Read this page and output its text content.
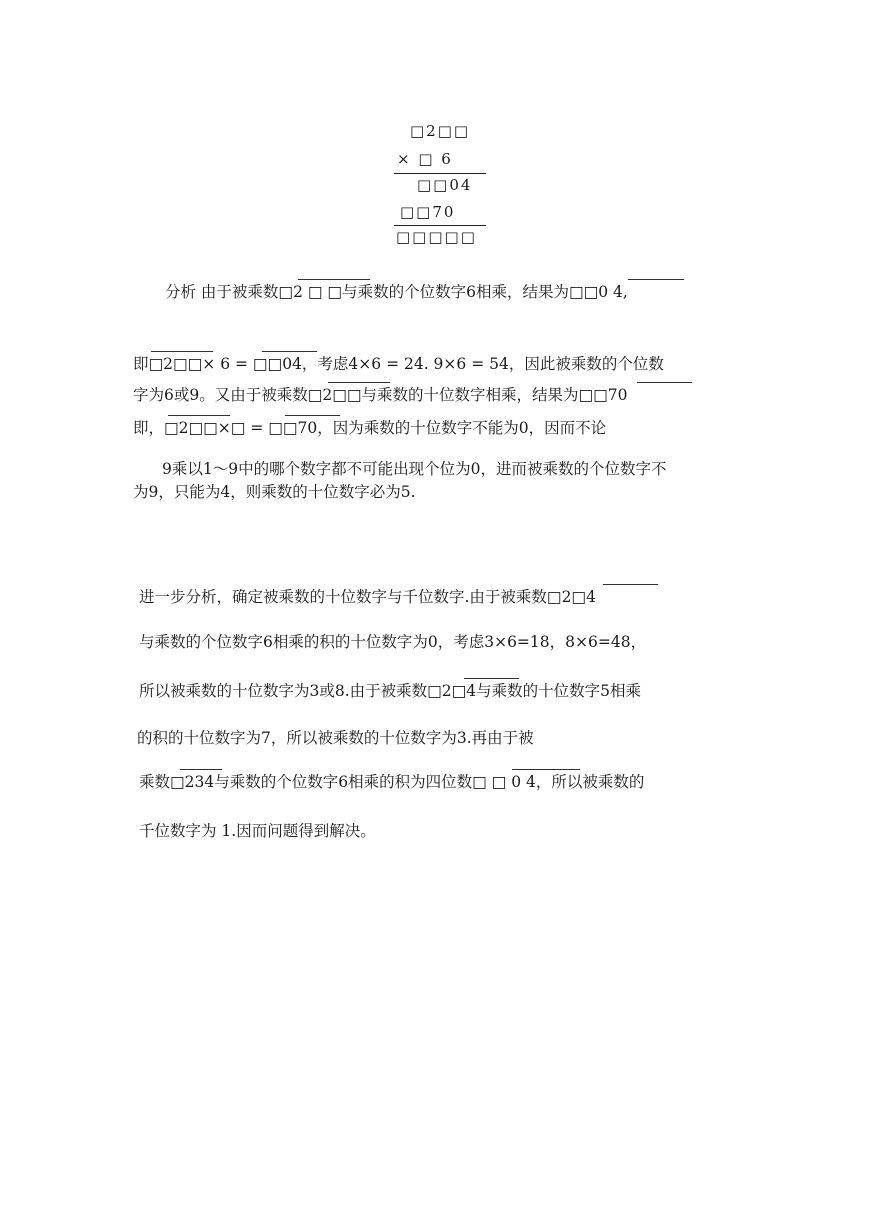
□2□□
× □ 6
□□04
□□70
□□□□□
分析 由于被乘数□2 □ □与乘数的个位数字6相乘，结果为□□0 4,
即□2□□× 6 = □□04，考虑4×6 = 24. 9×6 = 54，因此被乘数的个位数
字为6或9。又由于被乘数□2□□与乘数的十位数字相乘，结果为□□70
即，□2□□×□ = □□70，因为乘数的十位数字不能为0，因而不论
9乘以1～9中的哪个数字都不可能出现个位为0，进而被乘数的个位数字不
为9，只能为4，则乘数的十位数字必为5.
进一步分析，确定被乘数的十位数字与千位数字.由于被乘数□2□4
与乘数的个位数字6相乘的积的十位数字为0，考虑3×6=18，8×6=48，
所以被乘数的十位数字为3或8.由于被乘数□2□4与乘数的十位数字5相乘
的积的十位数字为7，所以被乘数的十位数字为3.再由于被
乘数□234与乘数的个位数字6相乘的积为四位数□ □ 0 4，所以被乘数的
千位数字为 1.因而问题得到解决。
